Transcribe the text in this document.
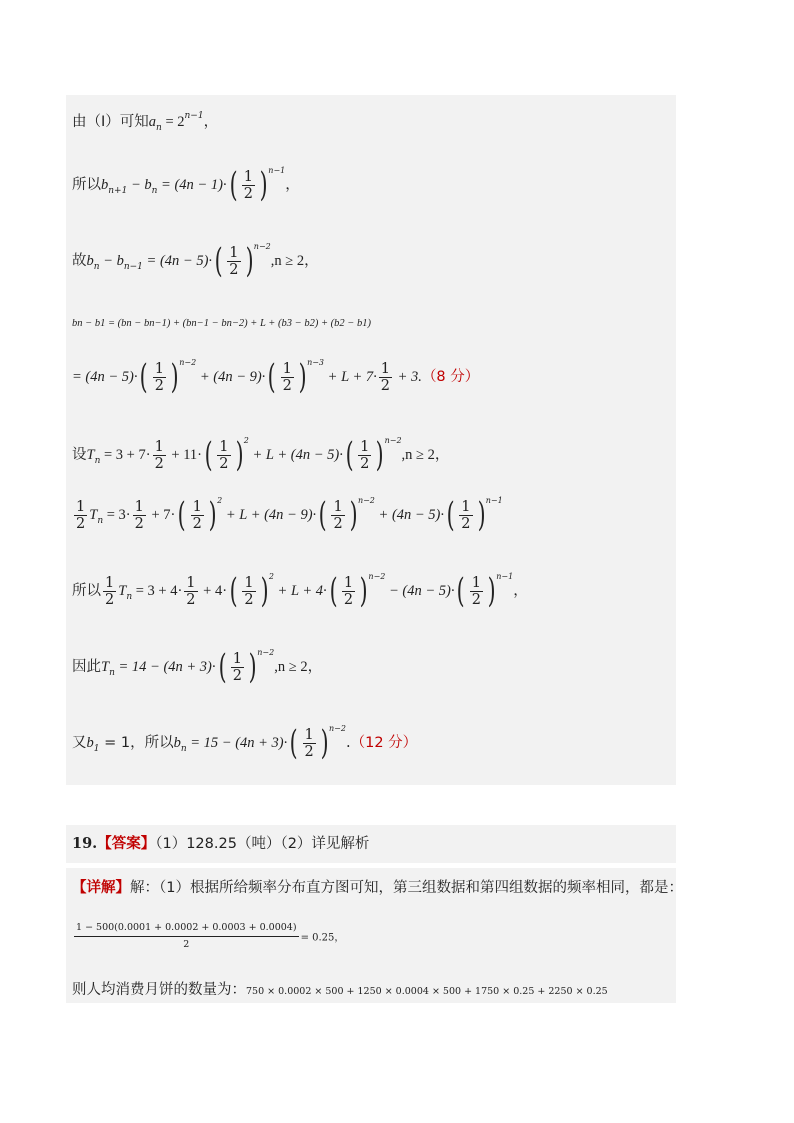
由（Ⅰ）可知$a_n = 2^{n-1}$，
所以$b_{n+1} - b_n = (4n - 1)\cdot( \frac{1}{2} )^{n-1}$，
故$b_n - b_{n-1} = (4n - 5)\cdot( \frac{1}{2} )^{n-2},n \ge 2$，
bn − b1 = (bn − bn−1) + (bn−1 − bn−2) + L + (b3 − b2) + (b2 − b1)
= $(4n - 5)\cdot( \frac{1}{2} )^{n-2} + (4n - 9)\cdot( \frac{1}{2} )^{n-3} + L + 7\cdot \frac{1}{2} + 3.(8$ 分）
设$T_n = 3 + 7\cdot \frac{1}{2} + 11\cdot( \frac{1}{2} )^2 + L + (4n - 5)\cdot( \frac{1}{2} )^{n-2},n \ge 2$，
$\frac{1}{2} T_n = 3\cdot \frac{1}{2} + 7\cdot( \frac{1}{2} )^2 + L + (4n - 9)\cdot( \frac{1}{2} )^{n-2} + (4n - 5)\cdot( \frac{1}{2} )^{n-1}$
所以 $\frac{1}{2} T_n = 3 + 4\cdot \frac{1}{2} + 4\cdot( \frac{1}{2} )^2 + L + 4\cdot( \frac{1}{2} )^{n-2} - (4n - 5)\cdot( \frac{1}{2} )^{n-1}$，
因此$T_n = 14 - (4n + 3)\cdot( \frac{1}{2} )^{n-2},n \ge 2$，
又$b_1 = 1$，所以$b_n = 15 - (4n + 3)\cdot( \frac{1}{2} )^{n-2}.(12$ 分）
19.【答案】（1）128.25（吨）（2）详见解析
【详解】解：（1）根据所给频率分布直方图可知，第三组数据和第四组数据的频率相同，都是：
$\frac{1 - 500(0.0001 + 0.0002 + 0.0003 + 0.0004)}{2} = 0.25$，
则人均消费月饼的数量为：750 × 0.0002 × 500 + 1250 × 0.0004 × 500 + 1750 × 0.25 + 2250 × 0.25
